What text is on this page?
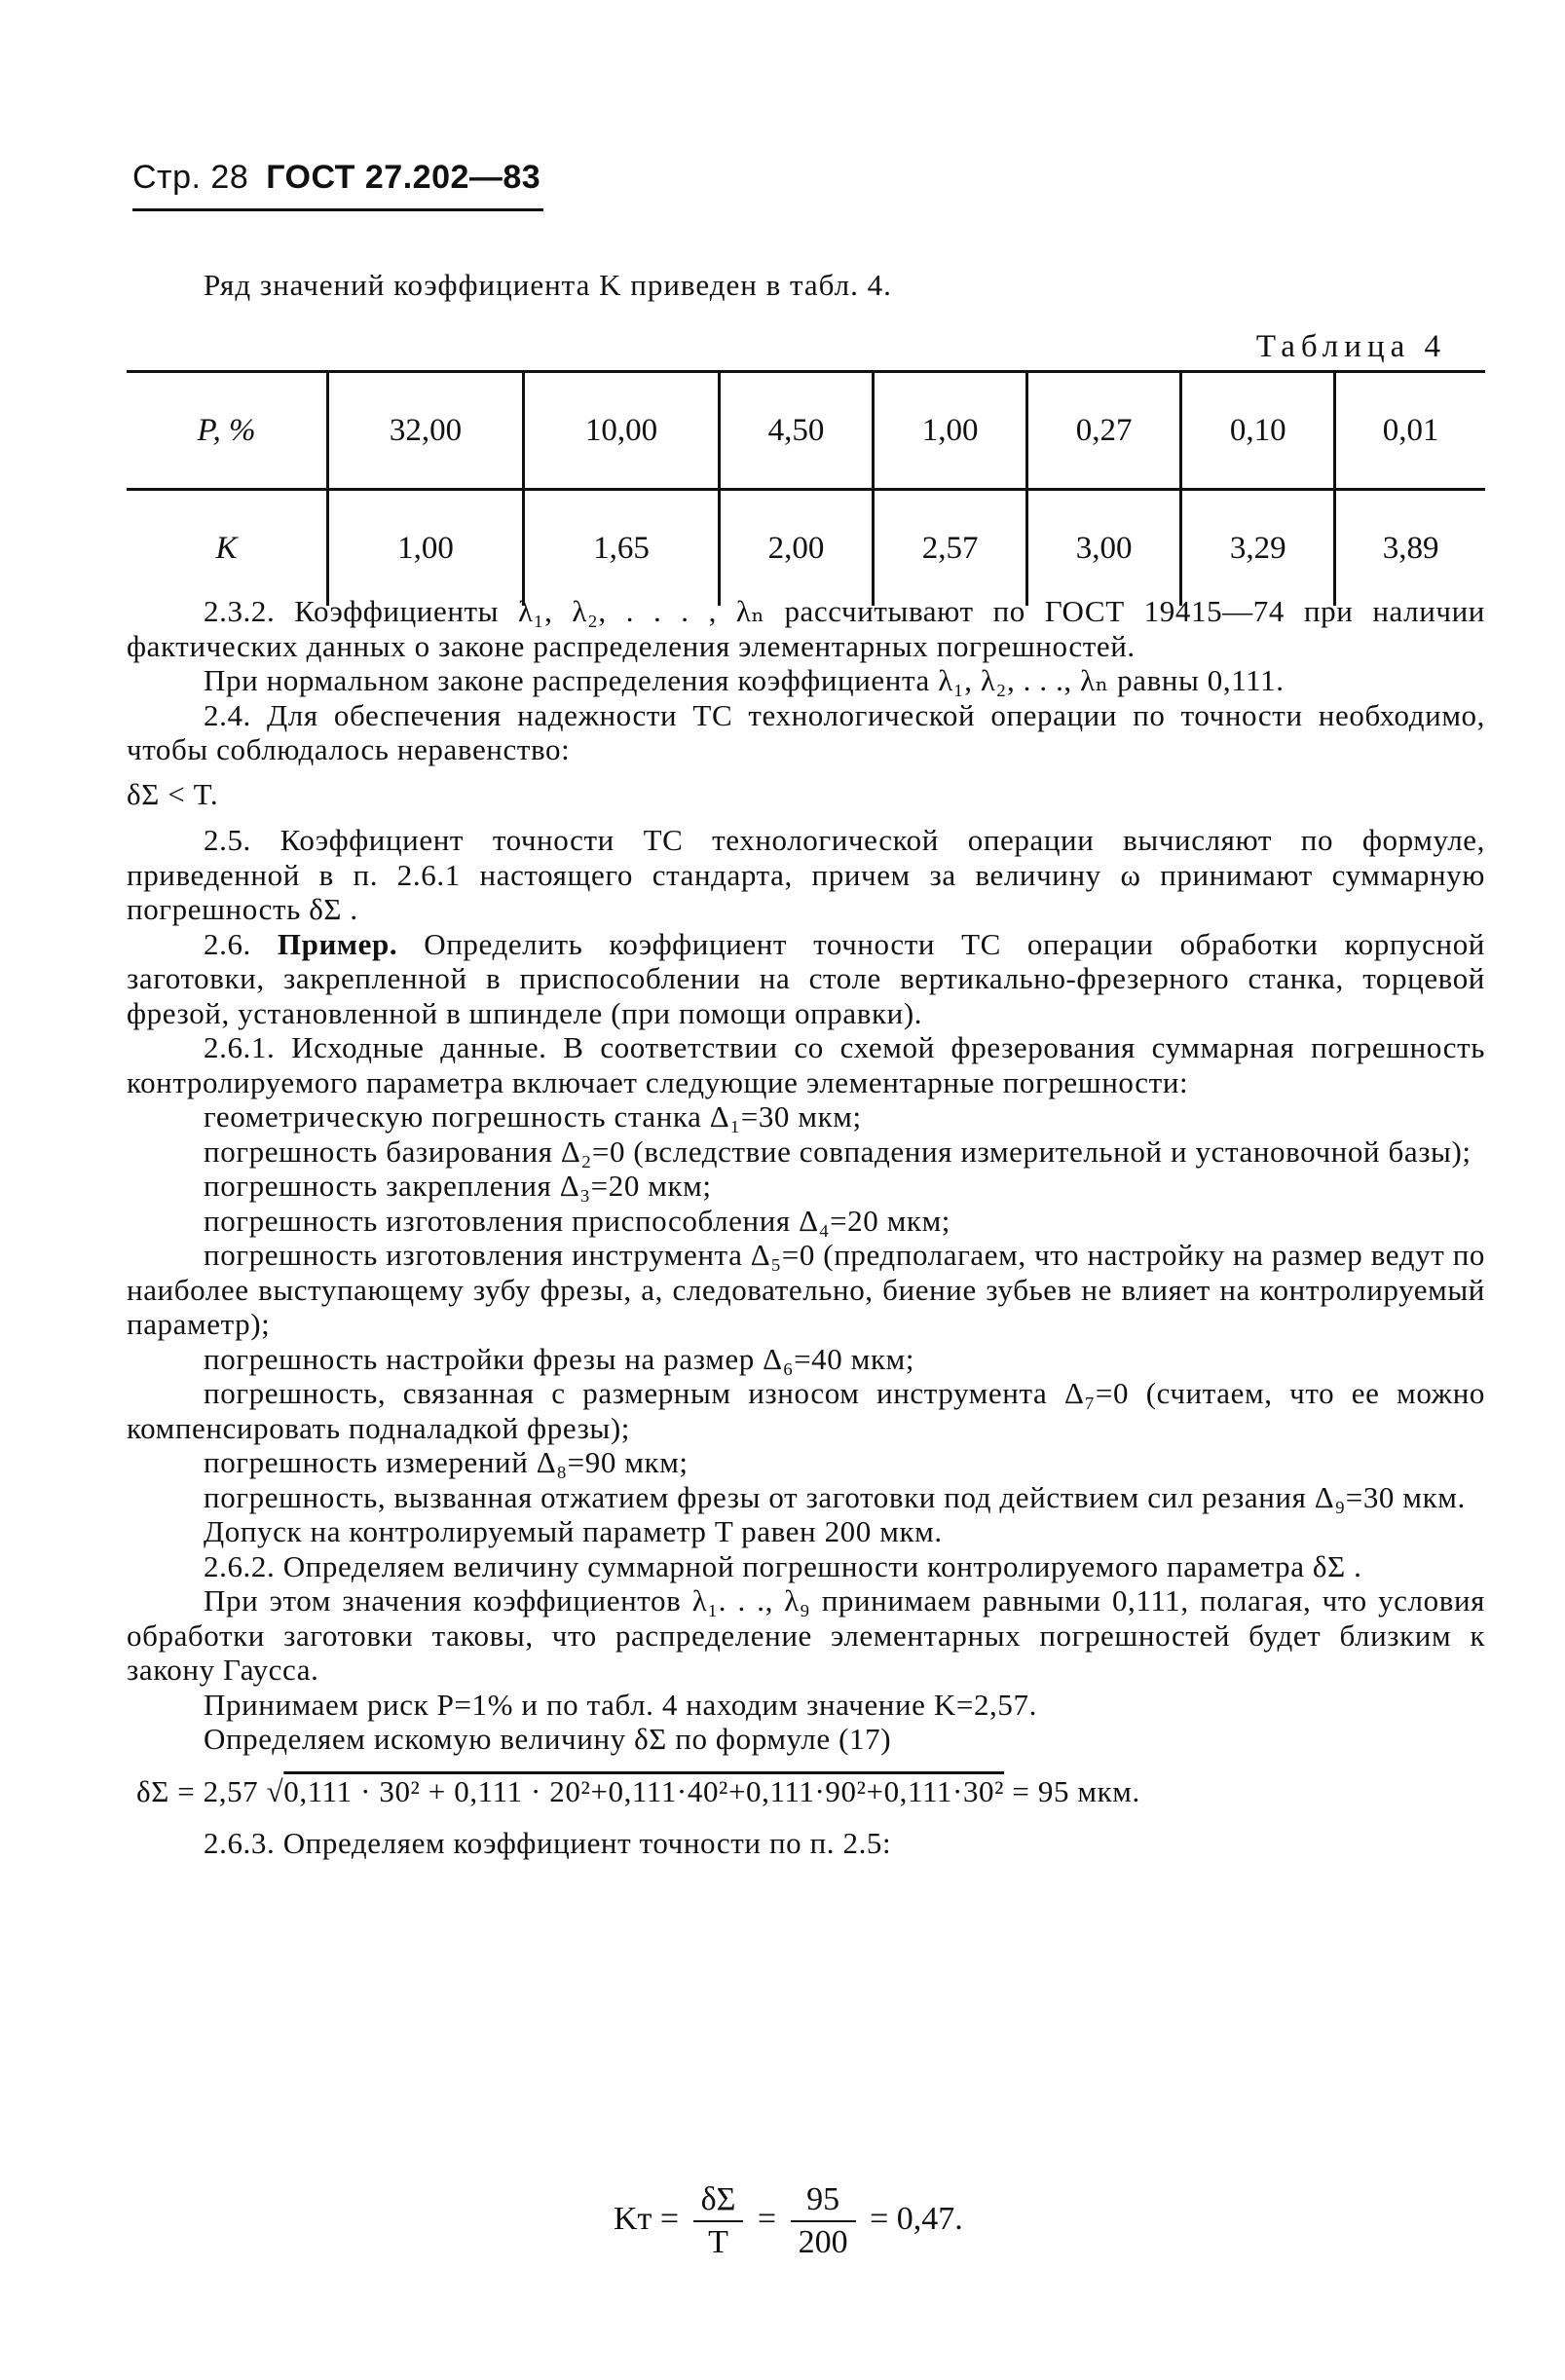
Стр. 28 ГОСТ 27.202—83
Ряд значений коэффициента K приведен в табл. 4.
Таблица 4
P, %	32,00	10,00	4,50	1,00	0,27	0,10	0,01
K	1,00	1,65	2,00	2,57	3,00	3,29	3,89

2.3.2. Коэффициенты λ₁, λ₂, . . . , λₙ рассчитывают по ГОСТ 19415—74 при наличии фактических данных о законе распределения элементарных погрешностей.

При нормальном законе распределения коэффициента λ₁, λ₂, . . ., λₙ равны 0,111.

2.4. Для обеспечения надежности ТС технологической операции по точности необходимо, чтобы соблюдалось неравенство:

δΣ < T.

2.5. Коэффициент точности ТС технологической операции вычисляют по формуле, приведенной в п. 2.6.1 настоящего стандарта, причем за величину ω принимают суммарную погрешность δΣ .

2.6. Пример. Определить коэффициент точности ТС операции обработки корпусной заготовки, закрепленной в приспособлении на столе вертикально-фрезерного станка, торцевой фрезой, установленной в шпинделе (при помощи оправки).

2.6.1. Исходные данные. В соответствии со схемой фрезерования суммарная погрешность контролируемого параметра включает следующие элементарные погрешности:

геометрическую погрешность станка Δ₁=30 мкм;

погрешность базирования Δ₂=0 (вследствие совпадения измерительной и установочной базы);

погрешность закрепления Δ₃=20 мкм;

погрешность изготовления приспособления Δ₄=20 мкм;

погрешность изготовления инструмента Δ₅=0 (предполагаем, что настройку на размер ведут по наиболее выступающему зубу фрезы, а, следовательно, биение зубьев не влияет на контролируемый параметр);

погрешность настройки фрезы на размер Δ₆=40 мкм;

погрешность, связанная с размерным износом инструмента Δ₇=0 (считаем, что ее можно компенсировать подналадкой фрезы);

погрешность измерений Δ₈=90 мкм;

погрешность, вызванная отжатием фрезы от заготовки под действием сил резания Δ₉=30 мкм.

Допуск на контролируемый параметр T равен 200 мкм.

2.6.2. Определяем величину суммарной погрешности контролируемого параметра δΣ .

При этом значения коэффициентов λ₁. . ., λ₉ принимаем равными 0,111, полагая, что условия обработки заготовки таковы, что распределение элементарных погрешностей будет близким к закону Гаусса.

Принимаем риск P=1% и по табл. 4 находим значение K=2,57.

Определяем искомую величину δΣ по формуле (17)

δΣ = 2,57 √0,111 · 30² + 0,111 · 20²+0,111·40²+0,111·90²+0,111·30² = 95 мкм.

2.6.3. Определяем коэффициент точности по п. 2.5:

Kт = $\frac{\delta\Sigma}{T} = \frac{95}{200} = 0,47$.
